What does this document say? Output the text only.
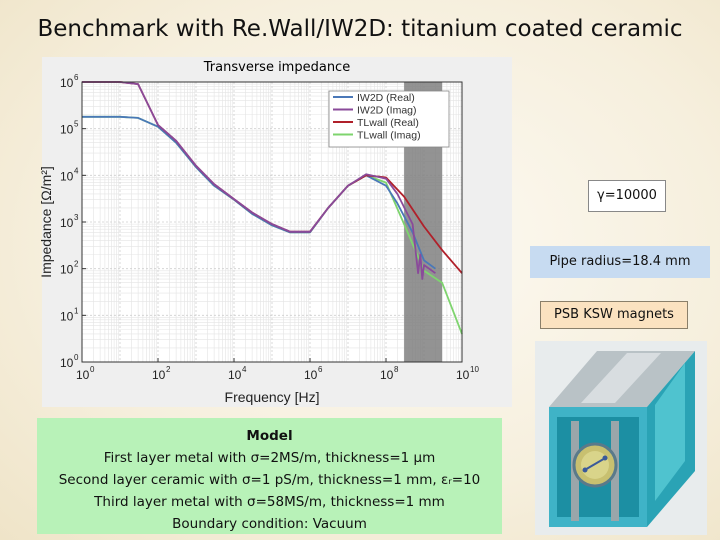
Benchmark with Re.Wall/IW2D: titanium coated ceramic
10 0	10 2	10 4	10 6	10 8	10 10
10 0
10 1
10 2
10 3
10 4
10 5
10 6
Frequency [Hz]
Impedance [Ω/m²]
IW2D (Real)
IW2D (Imag)
TLwall (Real)
TLwall (Imag)
Transverse impedance
γ=10000
Pipe radius=18.4 mm
PSB KSW magnets
Model
First layer metal with σ=2MS/m, thickness=1 µm
Second layer ceramic with σ=1 pS/m, thickness=1 mm, εᵣ=10
Third layer metal with σ=58MS/m, thickness=1 mm
Boundary condition: Vacuum
